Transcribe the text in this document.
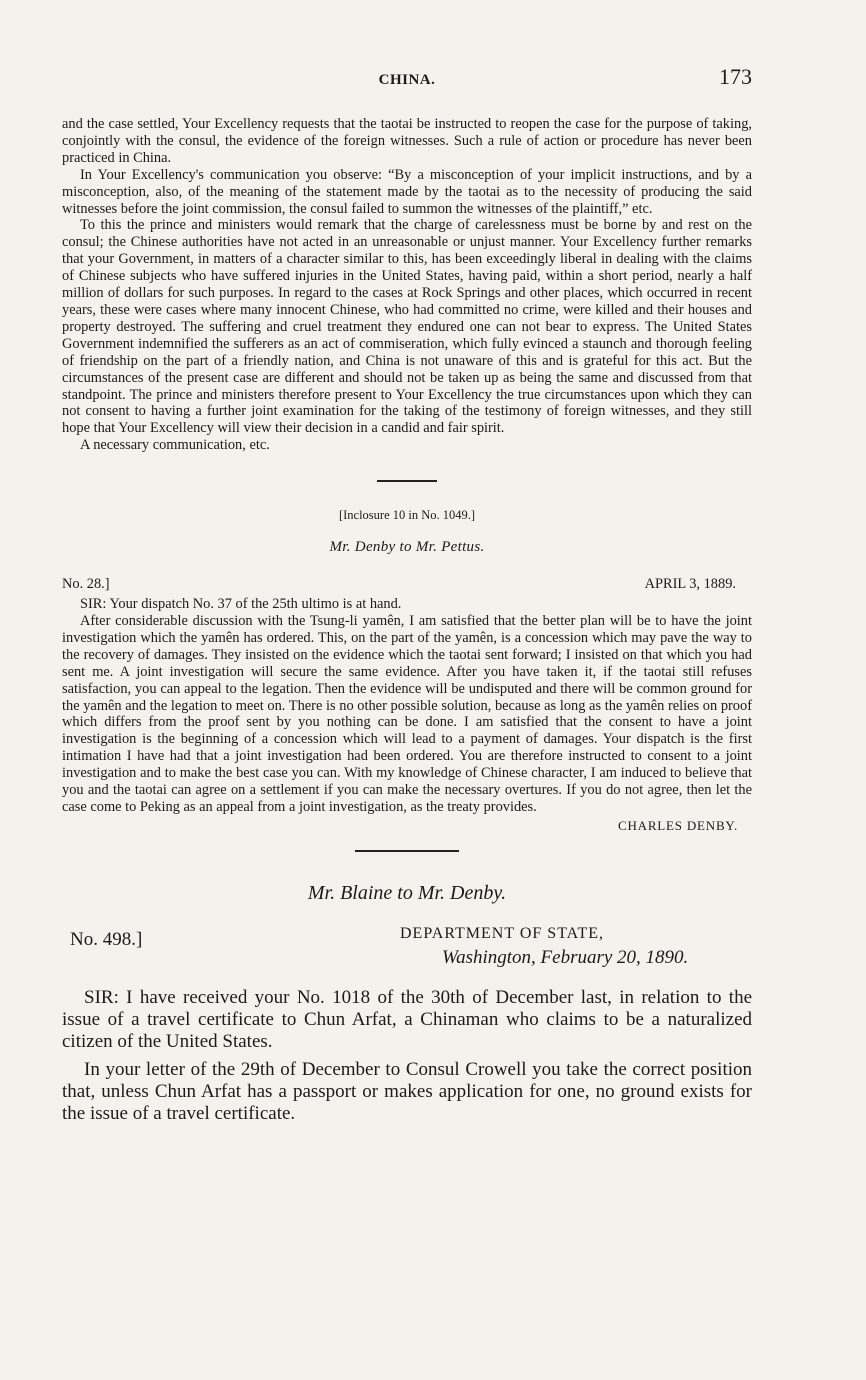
CHINA.	173

and the case settled, Your Excellency requests that the taotai be instructed to reopen the case for the purpose of taking, conjointly with the consul, the evidence of the foreign witnesses. Such a rule of action or procedure has never been practiced in China.

In Your Excellency's communication you observe: “By a misconception of your implicit instructions, and by a misconception, also, of the meaning of the statement made by the taotai as to the necessity of producing the said witnesses before the joint commission, the consul failed to summon the witnesses of the plaintiff,” etc.

To this the prince and ministers would remark that the charge of carelessness must be borne by and rest on the consul; the Chinese authorities have not acted in an unreasonable or unjust manner. Your Excellency further remarks that your Government, in matters of a character similar to this, has been exceedingly liberal in dealing with the claims of Chinese subjects who have suffered injuries in the United States, having paid, within a short period, nearly a half million of dollars for such purposes. In regard to the cases at Rock Springs and other places, which occurred in recent years, these were cases where many innocent Chinese, who had committed no crime, were killed and their houses and property destroyed. The suffering and cruel treatment they endured one can not bear to express. The United States Government indemnified the sufferers as an act of commiseration, which fully evinced a staunch and thorough feeling of friendship on the part of a friendly nation, and China is not unaware of this and is grateful for this act. But the circumstances of the present case are different and should not be taken up as being the same and discussed from that standpoint. The prince and ministers therefore present to Your Excellency the true circumstances upon which they can not consent to having a further joint examination for the taking of the testimony of foreign witnesses, and they still hope that Your Excellency will view their decision in a candid and fair spirit.

A necessary communication, etc.

[Inclosure 10 in No. 1049.]
Mr. Denby to Mr. Pettus.
No. 28.]	APRIL 3, 1889.

SIR: Your dispatch No. 37 of the 25th ultimo is at hand.

After considerable discussion with the Tsung-li yamên, I am satisfied that the better plan will be to have the joint investigation which the yamên has ordered. This, on the part of the yamên, is a concession which may pave the way to the recovery of damages. They insisted on the evidence which the taotai sent forward; I insisted on that which you had sent me. A joint investigation will secure the same evidence. After you have taken it, if the taotai still refuses satisfaction, you can appeal to the legation. Then the evidence will be undisputed and there will be common ground for the yamên and the legation to meet on. There is no other possible solution, because as long as the yamên relies on proof which differs from the proof sent by you nothing can be done. I am satisfied that the consent to have a joint investigation is the beginning of a concession which will lead to a payment of damages. Your dispatch is the first intimation I have had that a joint investigation had been ordered. You are therefore instructed to consent to a joint investigation and to make the best case you can. With my knowledge of Chinese character, I am induced to believe that you and the taotai can agree on a settlement if you can make the necessary overtures. If you do not agree, then let the case come to Peking as an appeal from a joint investigation, as the treaty provides.

CHARLES DENBY.
Mr. Blaine to Mr. Denby.
No. 498.]	DEPARTMENT OF STATE,
Washington, February 20, 1890.

SIR: I have received your No. 1018 of the 30th of December last, in relation to the issue of a travel certificate to Chun Arfat, a Chinaman who claims to be a naturalized citizen of the United States.

In your letter of the 29th of December to Consul Crowell you take the correct position that, unless Chun Arfat has a passport or makes application for one, no ground exists for the issue of a travel certificate.
